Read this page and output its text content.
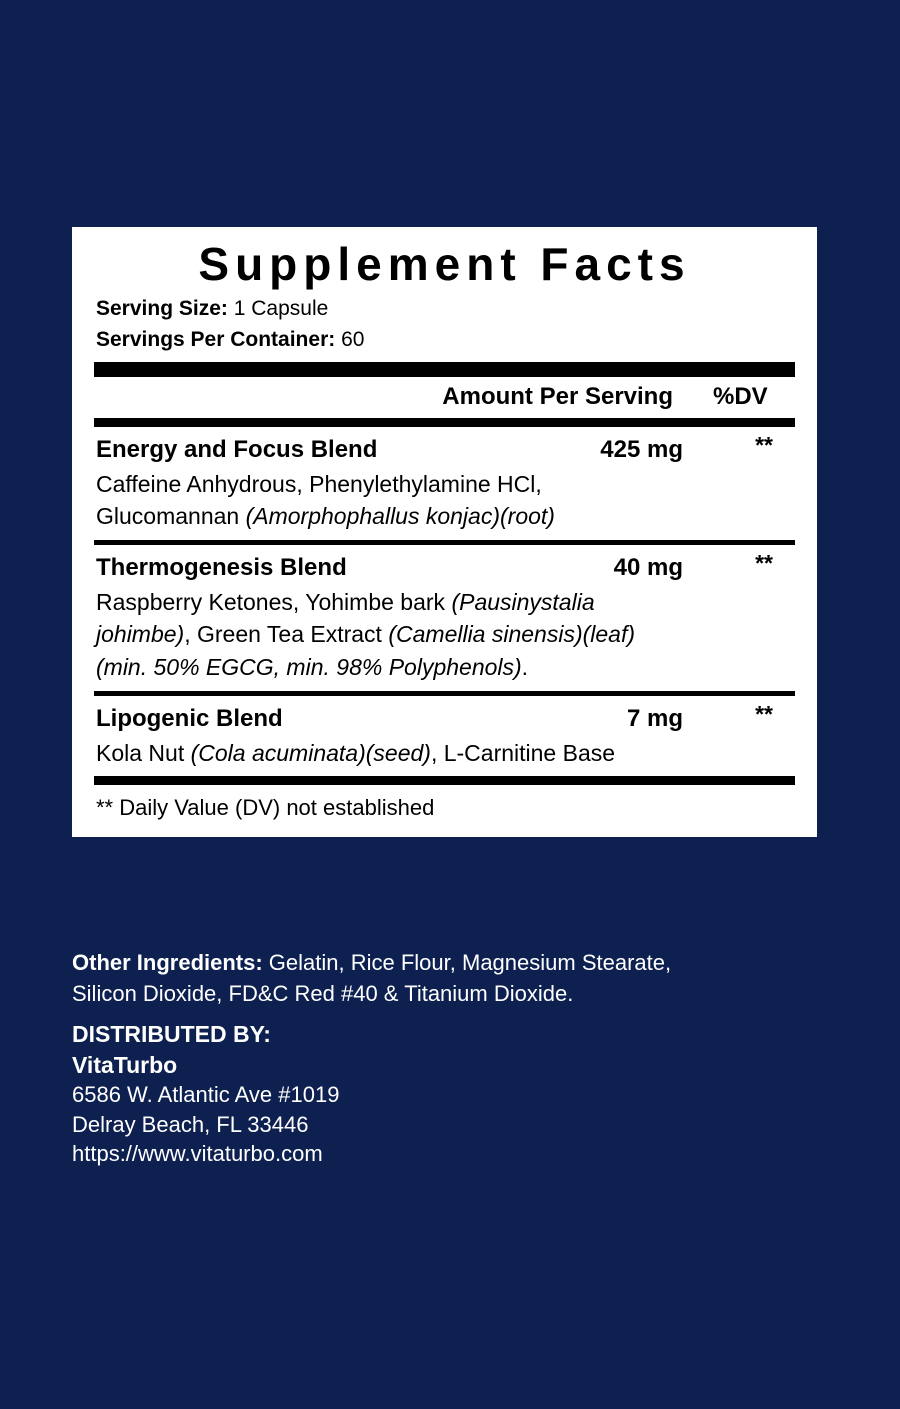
Supplement Facts
Serving Size: 1 Capsule
Servings Per Container: 60
Amount Per Serving %DV
Energy and Focus Blend	425 mg	**
Caffeine Anhydrous, Phenylethylamine HCl,
Glucomannan (Amorphophallus konjac)(root)
Thermogenesis Blend	40 mg	**
Raspberry Ketones, Yohimbe bark (Pausinystalia
johimbe), Green Tea Extract (Camellia sinensis)(leaf)
(min. 50% EGCG, min. 98% Polyphenols).
Lipogenic Blend	7 mg	**
Kola Nut (Cola acuminata)(seed), L-Carnitine Base
** Daily Value (DV) not established
Other Ingredients: Gelatin, Rice Flour, Magnesium Stearate,
Silicon Dioxide, FD&C Red #40 & Titanium Dioxide.
DISTRIBUTED BY:
VitaTurbo
6586 W. Atlantic Ave #1019
Delray Beach, FL 33446
https://www.vitaturbo.com
